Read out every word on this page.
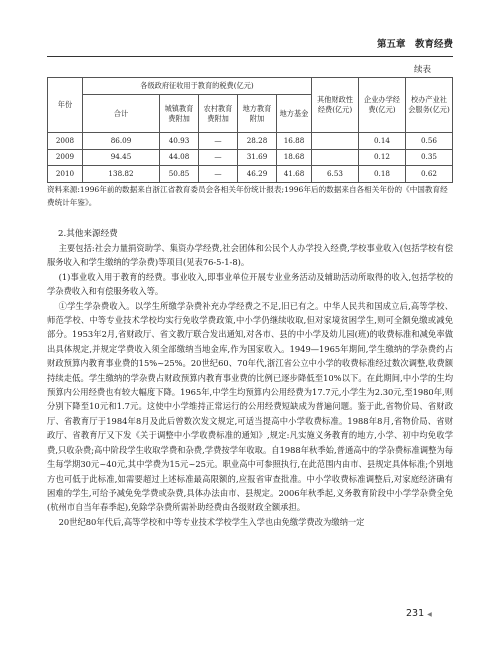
第五章　教育经费
续表
年份	各级政府征收用于教育的税费(亿元)					其他财政性经费(亿元)	企业办学经费(亿元)	校办产业社会服务(亿元)
	合计	城镇教育费附加	农村教育费附加	地方教育附加	地方基金			
2008	86.09	40.93	—	28.28	16.88		0.14	0.56
2009	94.45	44.08	—	31.69	18.68		0.12	0.35
2010	138.82	50.85	—	46.29	41.68	6.53	0.18	0.62
资料来源:1996年前的数据来自浙江省教育委员会各相关年份统计报表;1996年后的数据来自各相关年份的《中国教育经费统计年鉴》。
2.其他来源经费

主要包括:社会力量捐资助学、集资办学经费,社会团体和公民个人办学投入经费,学校事业收入(包括学校有偿服务收入和学生缴纳的学杂费)等项目(见表76-5-1-8)。

(1)事业收入用于教育的经费。事业收入,即事业单位开展专业业务活动及辅助活动所取得的收入,包括学校的学杂费收入和有偿服务收入等。

①学生学杂费收入。以学生所缴学杂费补充办学经费之不足,旧已有之。中华人民共和国成立后,高等学校、师范学校、中等专业技术学校均实行免收学费政策,中小学仍继续收取,但对家境贫困学生,则可全额免缴或减免部分。1953年2月,省财政厅、省文教厅联合发出通知,对各市、县的中小学及幼儿园(班)的收费标准和减免率做出具体规定,并规定学费收入须全部缴纳当地金库,作为国家收入。1949—1965年期间,学生缴纳的学杂费约占财政预算内教育事业费的15%~25%。20世纪60、70年代,浙江省公立中小学的收费标准经过数次调整,收费额持续走低。学生缴纳的学杂费占财政预算内教育事业费的比例已逐步降低至10%以下。在此期间,中小学的生均预算内公用经费也有较大幅度下降。1965年,中学生均预算内公用经费为17.7元,小学生为2.30元,至1980年,则分别下降至10元和1.7元。这使中小学维持正常运行的公用经费短缺成为普遍问题。鉴于此,省物价局、省财政厅、省教育厅于1984年8月及此后曾数次发文规定,可适当提高中小学收费标准。1988年8月,省物价局、省财政厅、省教育厅又下发《关于调整中小学收费标准的通知》,规定:凡实施义务教育的地方,小学、初中均免收学费,只收杂费;高中阶段学生收取学费和杂费,学费按学年收取。自1988年秋季始,普通高中的学杂费标准调整为每生每学期30元~40元,其中学费为15元~25元。职业高中可参照执行,在此范围内由市、县规定具体标准;个别地方也可低于此标准,如需要超过上述标准最高限额的,应报省审查批准。中小学收费标准调整后,对家庭经济确有困难的学生,可给予减免免学费或杂费,具体办法由市、县规定。2006年秋季起,义务教育阶段中小学学杂费全免(杭州市自当年春季起),免除学杂费所需补助经费由各级财政全额承担。

20世纪80年代后,高等学校和中等专业技术学校学生入学也由免缴学费改为缴纳一定

231 ◀
